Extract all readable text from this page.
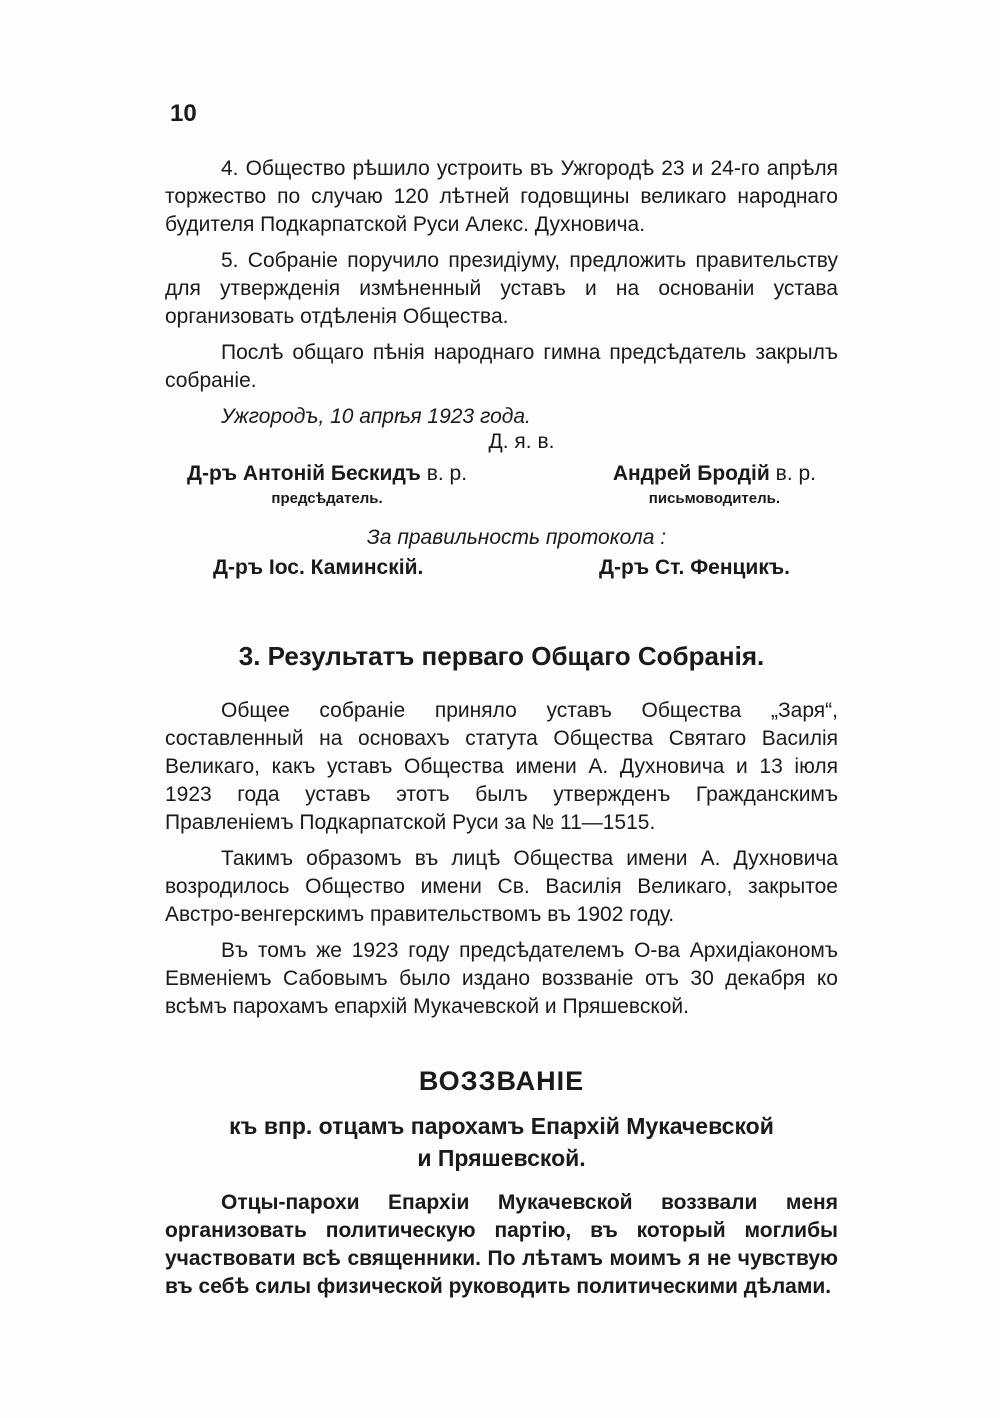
10

4. Общество рѣшило устроить въ Ужгородѣ 23 и 24-го апрѣля торжество по случаю 120 лѣтней годовщины великаго народнаго будителя Подкарпатской Руси Алекс. Духновича.

5. Собраніе поручило президіуму, предложить правительству для утвержденія измѣненный уставъ и на основаніи устава организовать отдѣленія Общества.

Послѣ общаго пѣнія народнаго гимна предсѣдатель закрылъ собраніе.

Ужгородъ, 10 апрѣя 1923 года.

Д. я. в.
Д-ръ Антоній Бескидъ в. р.
предсѣдатель.
Андрей Бродій в. р.
письмоводитель.
За правильность протокола :
Д-ръ Іос. Каминскій.	Д-ръ Ст. Фенцикъ.
3. Результатъ перваго Общаго Собранія.

Общее собраніе приняло уставъ Общества „Заря“, составленный на основахъ статута Общества Святаго Василія Великаго, какъ уставъ Общества имени А. Духновича и 13 іюля 1923 года уставъ этотъ былъ утвержденъ Гражданскимъ Правленіемъ Подкарпатской Руси за № 11—1515.

Такимъ образомъ въ лицѣ Общества имени А. Духновича возродилось Общество имени Св. Василія Великаго, закрытое Австро-венгерскимъ правительствомъ въ 1902 году.

Въ томъ же 1923 году предсѣдателемъ О-ва Архидіакономъ Евменіемъ Сабовымъ было издано воззваніе отъ 30 декабря ко всѣмъ парохамъ епархій Мукачевской и Пряшевской.

ВОЗЗВАНІЕ
къ впр. отцамъ парохамъ Епархій Мукачевской
и Пряшевской.

Отцы-парохи Епархіи Мукачевской воззвали меня организовать политическую партію, въ который моглибы участвовати всѣ священники. По лѣтамъ моимъ я не чувствую въ себѣ силы физической руководить политическими дѣлами.
